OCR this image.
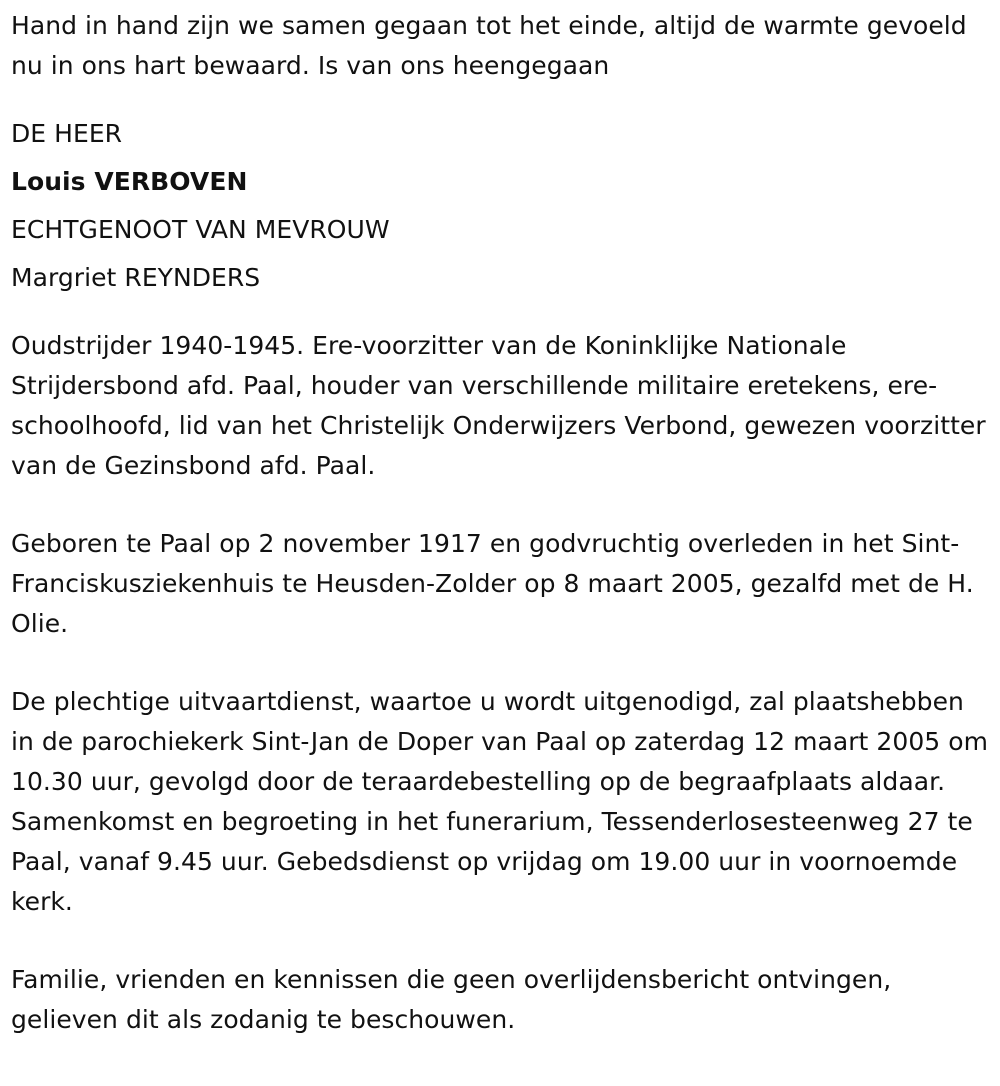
Hand in hand zijn we samen gegaan tot het einde, altijd de warmte gevoeld nu in ons hart bewaard. Is van ons heengegaan

DE HEER

Louis VERBOVEN

ECHTGENOOT VAN MEVROUW

Margriet REYNDERS

Oudstrijder 1940-1945. Ere-voorzitter van de Koninklijke Nationale Strijdersbond afd. Paal, houder van verschillende militaire eretekens, ere-schoolhoofd, lid van het Christelijk Onderwijzers Verbond, gewezen voorzitter van de Gezinsbond afd. Paal.

Geboren te Paal op 2 november 1917 en godvruchtig overleden in het Sint-Franciskusziekenhuis te Heusden-Zolder op 8 maart 2005, gezalfd met de H. Olie.

De plechtige uitvaartdienst, waartoe u wordt uitgenodigd, zal plaatshebben in de parochiekerk Sint-Jan de Doper van Paal op zaterdag 12 maart 2005 om 10.30 uur, gevolgd door de teraardebestelling op de begraafplaats aldaar. Samenkomst en begroeting in het funerarium, Tessenderlosesteenweg 27 te Paal, vanaf 9.45 uur. Gebedsdienst op vrijdag om 19.00 uur in voornoemde kerk.

Familie, vrienden en kennissen die geen overlijdensbericht ontvingen, gelieven dit als zodanig te beschouwen.
